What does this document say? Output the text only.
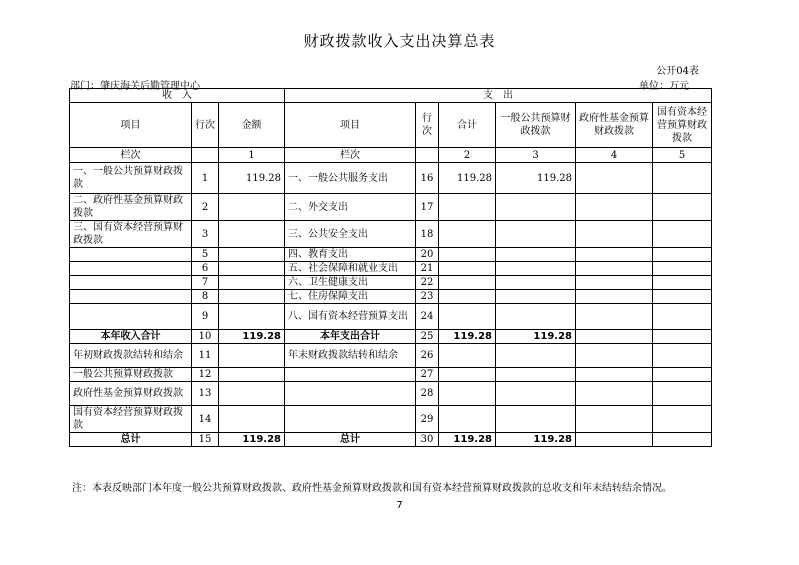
财政拨款收入支出决算总表
公开04表
部门：肇庆海关后勤管理中心	单位：万元
收　入			支　出					
项目	行次	金额	项目	行次	合计	一般公共预算财政拨款	政府性基金预算财政拨款	国有资本经营预算财政拨款
栏次		1	栏次		2	3	4	5
一、一般公共预算财政拨款	1	119.28	一、一般公共服务支出	16	119.28	119.28		
二、政府性基金预算财政拨款	2		二、外交支出	17				
三、国有资本经营预算财政拨款	3		三、公共安全支出	18				
	5		四、教育支出	20				
	6		五、社会保障和就业支出	21				
	7		六、卫生健康支出	22				
	8		七、住房保障支出	23				
	9		八、国有资本经营预算支出	24				
本年收入合计	10	119.28	本年支出合计	25	119.28	119.28		
年初财政拨款结转和结余	11		年末财政拨款结转和结余	26				
一般公共预算财政拨款	12			27				
政府性基金预算财政拨款	13			28				
国有资本经营预算财政拨款	14			29				
总计	15	119.28	总计	30	119.28	119.28		
注：本表反映部门本年度一般公共预算财政拨款、政府性基金预算财政拨款和国有资本经营预算财政拨款的总收支和年末结转结余情况。
7
